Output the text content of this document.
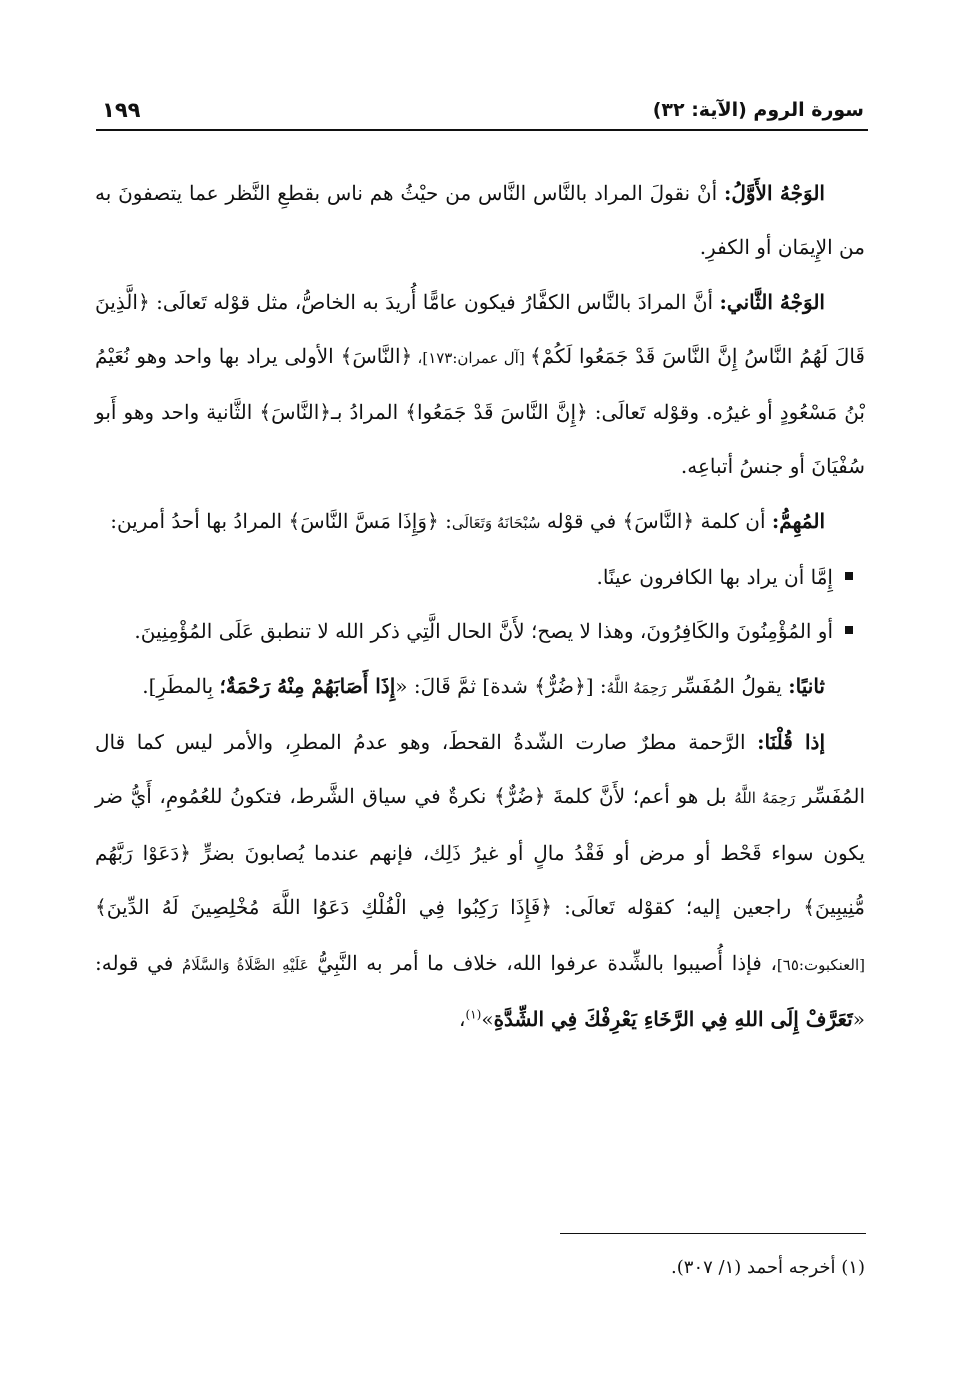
سورة الروم (الآية: ٣٢)
١٩٩

الوَجْهُ الأَوَّلُ: أنْ نقولَ المراد بالنَّاس النَّاس من حيْثُ هم ناس بقطعِ النَّظر عما يتصفونَ به من الإِيمَان أو الكفرِ.

الوَجْهُ الثَّاني: أنَّ المرادَ بالنَّاس الكفَّارُ فيكون عامًّا أُريدَ به الخاصُّ، مثل قوْله تَعالَى: ﴿الَّذِينَ قَالَ لَهُمُ النَّاسُ إِنَّ النَّاسَ قَدْ جَمَعُوا لَكُمْ﴾ [آل عمران:١٧٣]، ﴿النَّاسَ﴾ الأولى يراد بها واحد وهو نُعَيْمُ بْنُ مَسْعُودٍ أو غيرُه. وقوْله تَعالَى: ﴿إِنَّ النَّاسَ قَدْ جَمَعُوا﴾ المرادُ بـ﴿النَّاسَ﴾ الثَّانية واحد وهو أَبو سُفْيَانَ أو جنسُ أتباعِه.

المُهِمُّ: أن كلمة ﴿النَّاسَ﴾ في قوْله سُبْحَانَهُ وَتَعَالَى: ﴿وَإِذَا مَسَّ النَّاسَ﴾ المرادُ بها أحدُ أمرين:

إِمَّا أن يراد بها الكافرون عينًا.
أو المُؤْمِنُونَ والكَافِرُونَ، وهذا لا يصح؛ لأَنَّ الحال الَّتِي ذكر الله لا تنطبق عَلَى المُؤْمِنِينَ.

ثانيًا: يقولُ المُفَسِّر رَحِمَهُ اللَّهُ: [﴿ضُرٌّ﴾ شدة] ثمَّ قَالَ: «إِذَا أَصَابَهُمْ مِنْهُ رَحْمَةٌ؛ بِالمطَرِ].

إذا قُلْنَا: الرَّحمة مطرٌ صارت الشّدةُ القحطَ، وهو عدمُ المطرِ، والأمر ليس كما قال المُفَسِّر رَحِمَهُ اللَّهُ بل هو أعم؛ لأَنَّ كلمةَ ﴿ضُرٌّ﴾ نكرةٌ في سياق الشَّرط، فتكونُ للعُمُومِ، أَيُّ ضر يكون سواء قَحْط أو مرض أو فَقْدُ مالٍ أو غيرُ ذَلِك، فإنهم عندما يُصابونَ بضرٍّ ﴿دَعَوْا رَبَّهُم مُّنِيبِينَ﴾ راجعين إليه؛ كقوْله تَعالَى: ﴿فَإِذَا رَكِبُوا فِي الْفُلْكِ دَعَوُا اللَّهَ مُخْلِصِينَ لَهُ الدِّينَ﴾ [العنكبوت:٦٥]، فإذا أُصيبوا بالشِّدة عرفوا الله، خلاف ما أمر به النَّبِيُّ عَلَيْهِ الصَّلَاةُ وَالسَّلَامُ في قوله: «تَعَرَّفْ إِلَى اللهِ فِي الرَّخَاءِ يَعْرِفْكَ فِي الشِّدَّةِ»$^{(١)}$،

(١) أخرجه أحمد (١/ ٣٠٧).
